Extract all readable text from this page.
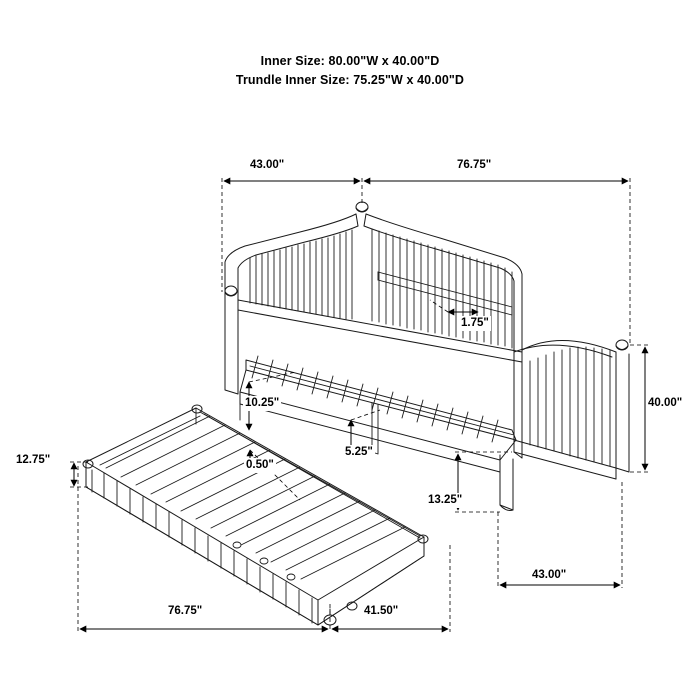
Inner Size: 80.00"W x 40.00"D
Trundle Inner Size: 75.25"W x 40.00"D
43.00"	76.75"
1.75"
40.00"
10.25"
0.50"
5.25"
12.75"
13.25"
43.00"
76.75"	41.50"
